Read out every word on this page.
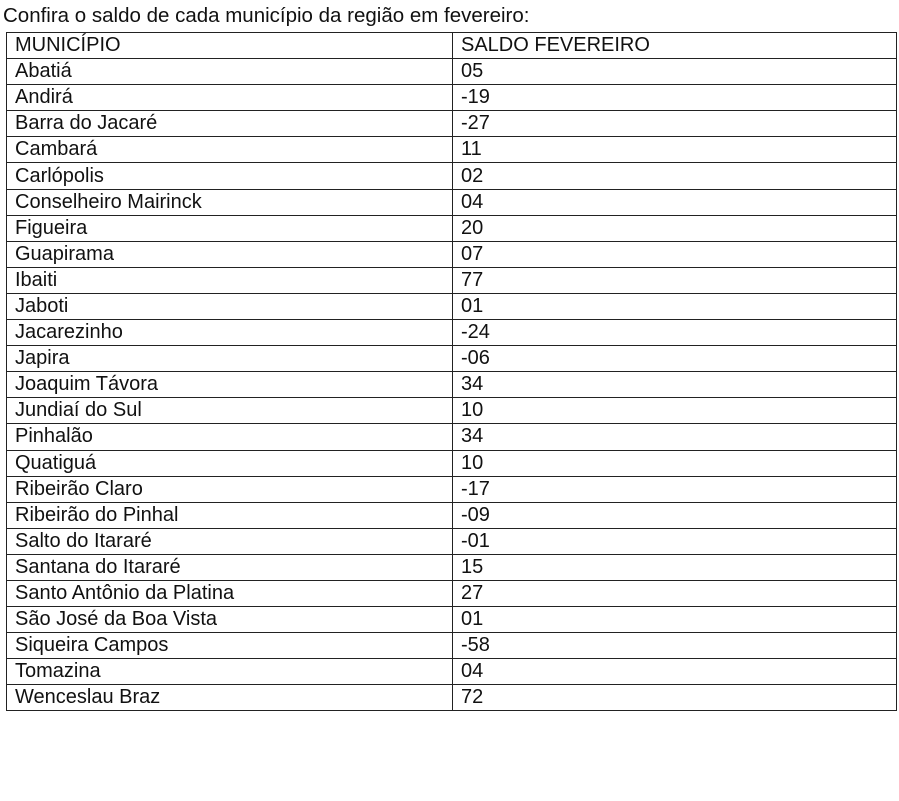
Confira o saldo de cada município da região em fevereiro:
MUNICÍPIO	SALDO FEVEREIRO
Abatiá	05
Andirá	-19
Barra do Jacaré	-27
Cambará	11
Carlópolis	02
Conselheiro Mairinck	04
Figueira	20
Guapirama	07
Ibaiti	77
Jaboti	01
Jacarezinho	-24
Japira	-06
Joaquim Távora	34
Jundiaí do Sul	10
Pinhalão	34
Quatiguá	10
Ribeirão Claro	-17
Ribeirão do Pinhal	-09
Salto do Itararé	-01
Santana do Itararé	15
Santo Antônio da Platina	27
São José da Boa Vista	01
Siqueira Campos	-58
Tomazina	04
Wenceslau Braz	72
